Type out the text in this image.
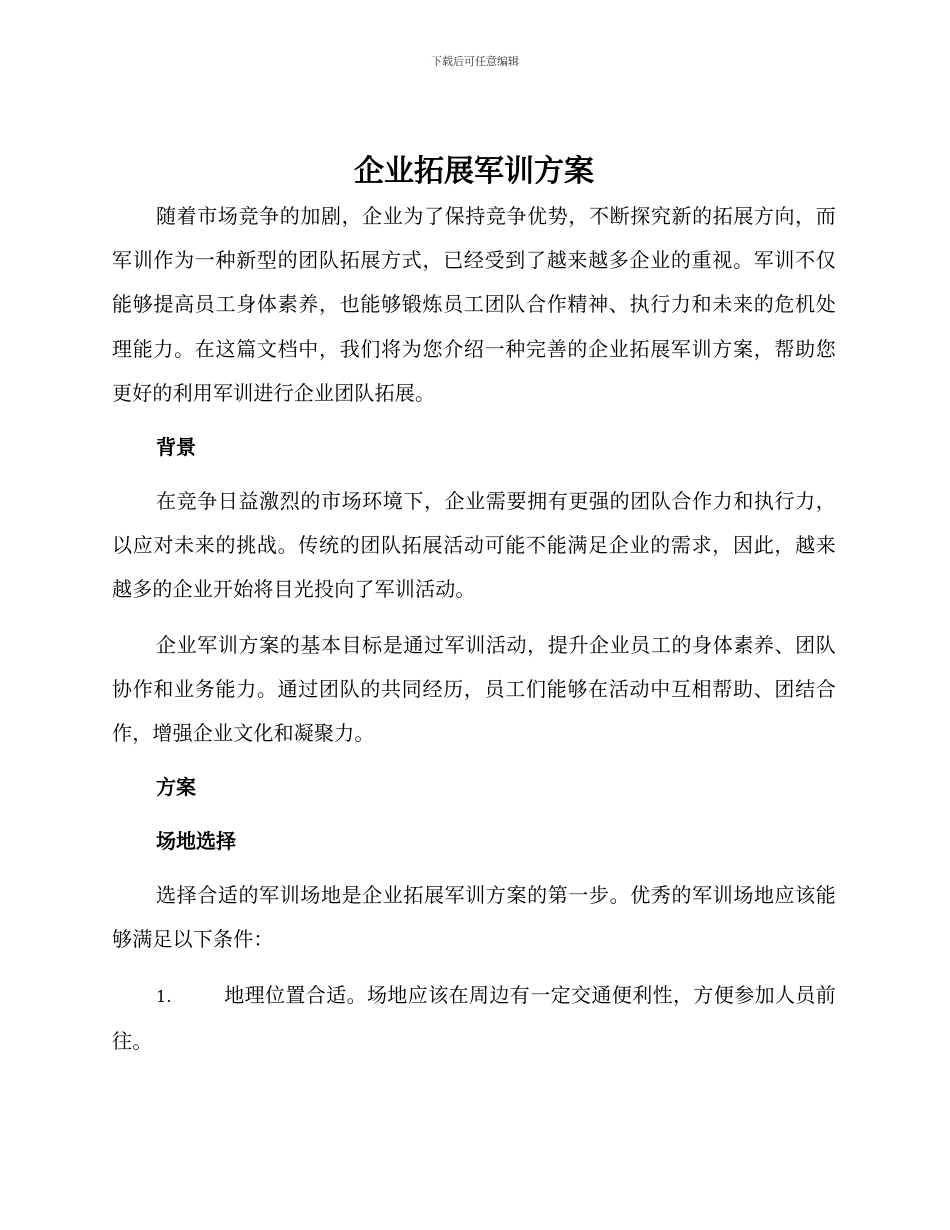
下载后可任意编辑
企业拓展军训方案

随着市场竞争的加剧，企业为了保持竞争优势，不断探究新的拓展方向，而军训作为一种新型的团队拓展方式，已经受到了越来越多企业的重视。军训不仅能够提高员工身体素养，也能够锻炼员工团队合作精神、执行力和未来的危机处理能力。在这篇文档中，我们将为您介绍一种完善的企业拓展军训方案，帮助您更好的利用军训进行企业团队拓展。

背景

在竞争日益激烈的市场环境下，企业需要拥有更强的团队合作力和执行力，以应对未来的挑战。传统的团队拓展活动可能不能满足企业的需求，因此，越来越多的企业开始将目光投向了军训活动。

企业军训方案的基本目标是通过军训活动，提升企业员工的身体素养、团队协作和业务能力。通过团队的共同经历，员工们能够在活动中互相帮助、团结合作，增强企业文化和凝聚力。

方案
场地选择

选择合适的军训场地是企业拓展军训方案的第一步。优秀的军训场地应该能够满足以下条件：

1.	地理位置合适。场地应该在周边有一定交通便利性，方便参加人员前往。
